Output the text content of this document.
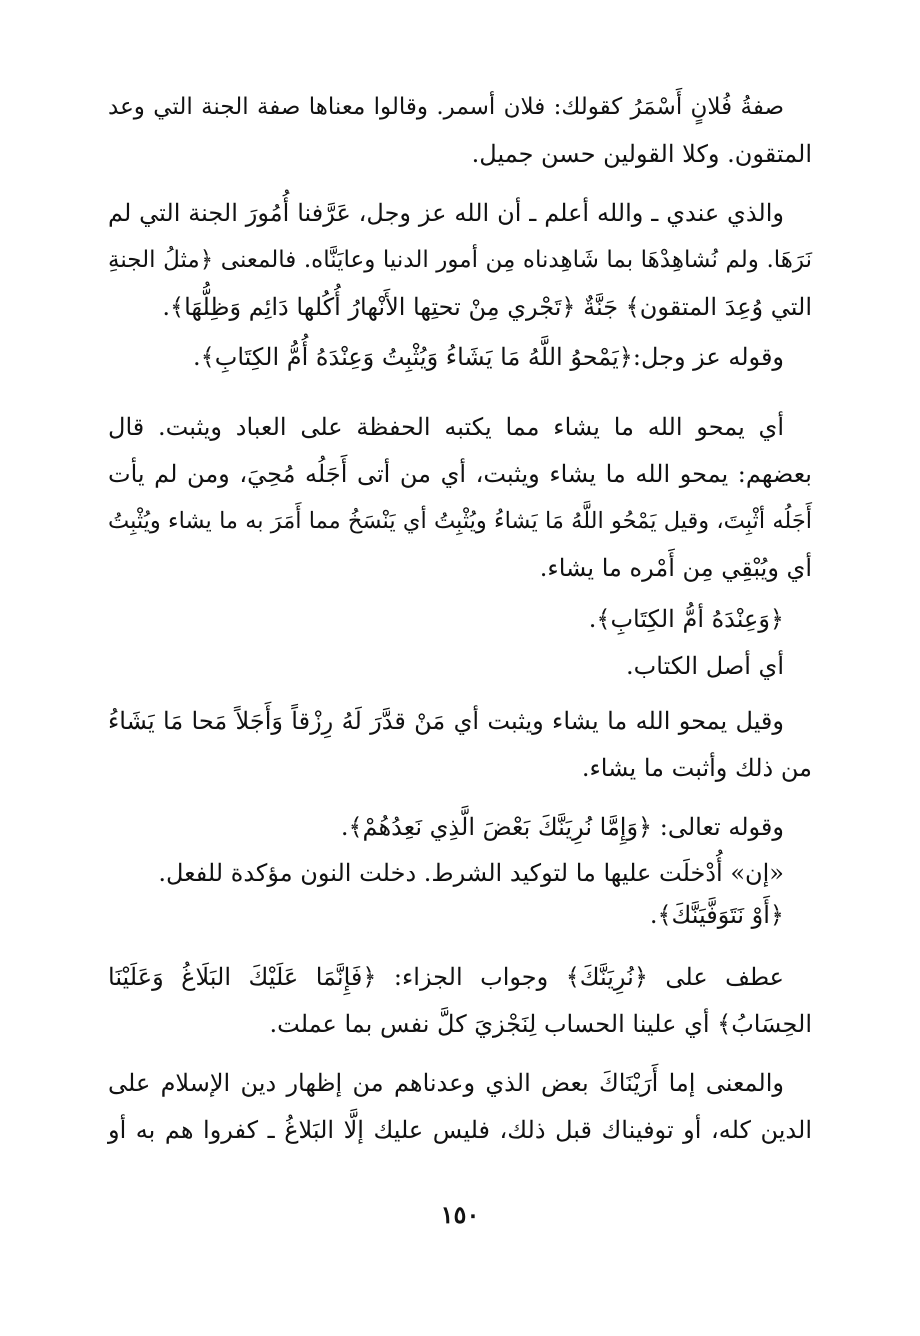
صفةُ فُلانٍ أَسْمَرُ كقولك: فلان أسمر. وقالوا معناها صفة الجنة التي وعد
المتقون. وكلا القولين حسن جميل.
والذي عندي ـ والله أعلم ـ أن الله عز وجل، عَرَّفنا أُمُورَ الجنة التي لم
نَرَهَا. ولم نُشاهِدْهَا بما شَاهِدناه مِن أمور الدنيا وعايَنَّاه. فالمعنى ﴿مثلُ الجنةِ
التي وُعِدَ المتقون﴾ جَنَّةٌ ﴿تَجْري مِنْ تحتِها الأَنْهارُ أُكُلها دَائِم وَظِلُّهَا﴾.
وقوله عز وجل:﴿يَمْحوُ اللَّهُ مَا يَشَاءُ وَيُثْبِتُ وَعِنْدَهُ أُمُّ الكِتَابِ﴾.
أي يمحو الله ما يشاء مما يكتبه الحفظة على العباد ويثبت. قال
بعضهم: يمحو الله ما يشاء ويثبت، أي من أتى أَجَلُه مُحِيَ، ومن لم يأت
أَجَلُه أثْبِتَ، وقيل يَمْحُو اللَّهُ مَا يَشاءُ ويُثْبِتُ أي يَنْسَخُ مما أَمَرَ به ما يشاء ويُثْبِتُ
أي ويُبْقِي مِن أَمْره ما يشاء.
﴿وَعِنْدَهُ أمُّ الكِتَابِ﴾.
أي أصل الكتاب.
وقيل يمحو الله ما يشاء ويثبت أي مَنْ قدَّرَ لَهُ رِزْقاً وَأَجَلاً مَحا مَا يَشَاءُ
من ذلك وأثبت ما يشاء.
وقوله تعالى: ﴿وَإِمَّا نُرِيَنَّكَ بَعْضَ الَّذِي نَعِدُهُمْ﴾.
«إن» أُدْخلَت عليها ما لتوكيد الشرط. دخلت النون مؤكدة للفعل.
﴿أَوْ نَتَوَفَّيَنَّكَ﴾.
عطف على ﴿نُرِيَنَّكَ﴾ وجواب الجزاء: ﴿فَإِنَّمَا عَلَيْكَ البَلَاغُ وَعَلَيْنَا
الحِسَابُ﴾ أي علينا الحساب لِنَجْزيَ كلَّ نفس بما عملت.
والمعنى إما أَرَيْنَاكَ بعض الذي وعدناهم من إظهار دين الإسلام على
الدين كله، أو توفيناك قبل ذلك، فليس عليك إلَّا البَلاغُ ـ كفروا هم به أو
١٥٠
